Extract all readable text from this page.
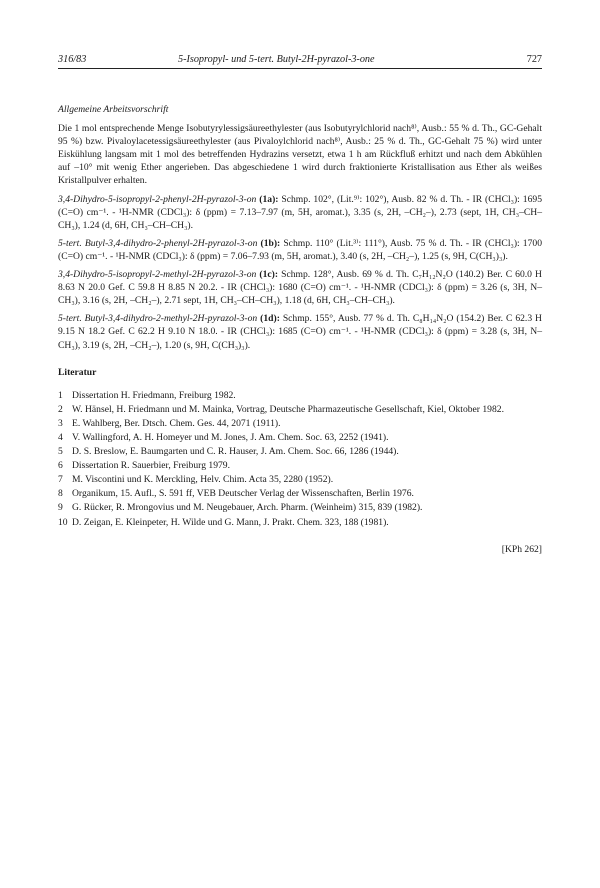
316/83	5-Isopropyl- und 5-tert. Butyl-2H-pyrazol-3-one	727
Allgemeine Arbeitsvorschrift

Die 1 mol entsprechende Menge Isobutyrylessigsäureethylester (aus Isobutyrylchlorid nach⁸⁾, Ausb.: 55 % d. Th., GC-Gehalt 95 %) bzw. Pivaloylacetessigsäureethylester (aus Pivaloylchlorid nach⁸⁾, Ausb.: 25 % d. Th., GC-Gehalt 75 %) wird unter Eiskühlung langsam mit 1 mol des betreffenden Hydrazins versetzt, etwa 1 h am Rückfluß erhitzt und nach dem Abkühlen auf –10° mit wenig Ether angerieben. Das abgeschiedene 1 wird durch fraktionierte Kristallisation aus Ether als weißes Kristallpulver erhalten.

3,4-Dihydro-5-isopropyl-2-phenyl-2H-pyrazol-3-on (1a): Schmp. 102°, (Lit.⁹⁾: 102°), Ausb. 82 % d. Th. - IR (CHCl₃): 1695 (C=O) cm⁻¹. - ¹H-NMR (CDCl₃): δ (ppm) = 7.13–7.97 (m, 5H, aromat.), 3.35 (s, 2H, –CH₂–), 2.73 (sept, 1H, CH₃–CH–CH₃), 1.24 (d, 6H, CH₃–CH–CH₃).

5-tert. Butyl-3,4-dihydro-2-phenyl-2H-pyrazol-3-on (1b): Schmp. 110° (Lit.³⁾: 111°), Ausb. 75 % d. Th. - IR (CHCl₃): 1700 (C=O) cm⁻¹. - ¹H-NMR (CDCl₃): δ (ppm) = 7.06–7.93 (m, 5H, aromat.), 3.40 (s, 2H, –CH₂–), 1.25 (s, 9H, C(CH₃)₃).

3,4-Dihydro-5-isopropyl-2-methyl-2H-pyrazol-3-on (1c): Schmp. 128°, Ausb. 69 % d. Th. C₇H₁₂N₂O (140.2) Ber. C 60.0 H 8.63 N 20.0 Gef. C 59.8 H 8.85 N 20.2. - IR (CHCl₃): 1680 (C=O) cm⁻¹. - ¹H-NMR (CDCl₃): δ (ppm) = 3.26 (s, 3H, N–CH₃), 3.16 (s, 2H, –CH₂–), 2.71 sept, 1H, CH₃–CH–CH₃), 1.18 (d, 6H, CH₃–CH–CH₃).

5-tert. Butyl-3,4-dihydro-2-methyl-2H-pyrazol-3-on (1d): Schmp. 155°, Ausb. 77 % d. Th. C₈H₁₄N₂O (154.2) Ber. C 62.3 H 9.15 N 18.2 Gef. C 62.2 H 9.10 N 18.0. - IR (CHCl₃): 1685 (C=O) cm⁻¹. - ¹H-NMR (CDCl₃): δ (ppm) = 3.28 (s, 3H, N–CH₃), 3.19 (s, 2H, –CH₂–), 1.20 (s, 9H, C(CH₃)₃).

Literatur
1 Dissertation H. Friedmann, Freiburg 1982.
2 W. Hänsel, H. Friedmann und M. Mainka, Vortrag, Deutsche Pharmazeutische Gesellschaft, Kiel, Oktober 1982.
3 E. Wahlberg, Ber. Dtsch. Chem. Ges. 44, 2071 (1911).
4 V. Wallingford, A. H. Homeyer und M. Jones, J. Am. Chem. Soc. 63, 2252 (1941).
5 D. S. Breslow, E. Baumgarten und C. R. Hauser, J. Am. Chem. Soc. 66, 1286 (1944).
6 Dissertation R. Sauerbier, Freiburg 1979.
7 M. Viscontini und K. Merckling, Helv. Chim. Acta 35, 2280 (1952).
8 Organikum, 15. Aufl., S. 591 ff, VEB Deutscher Verlag der Wissenschaften, Berlin 1976.
9 G. Rücker, R. Mrongovius und M. Neugebauer, Arch. Pharm. (Weinheim) 315, 839 (1982).
10 D. Zeigan, E. Kleinpeter, H. Wilde und G. Mann, J. Prakt. Chem. 323, 188 (1981).
[KPh 262]
